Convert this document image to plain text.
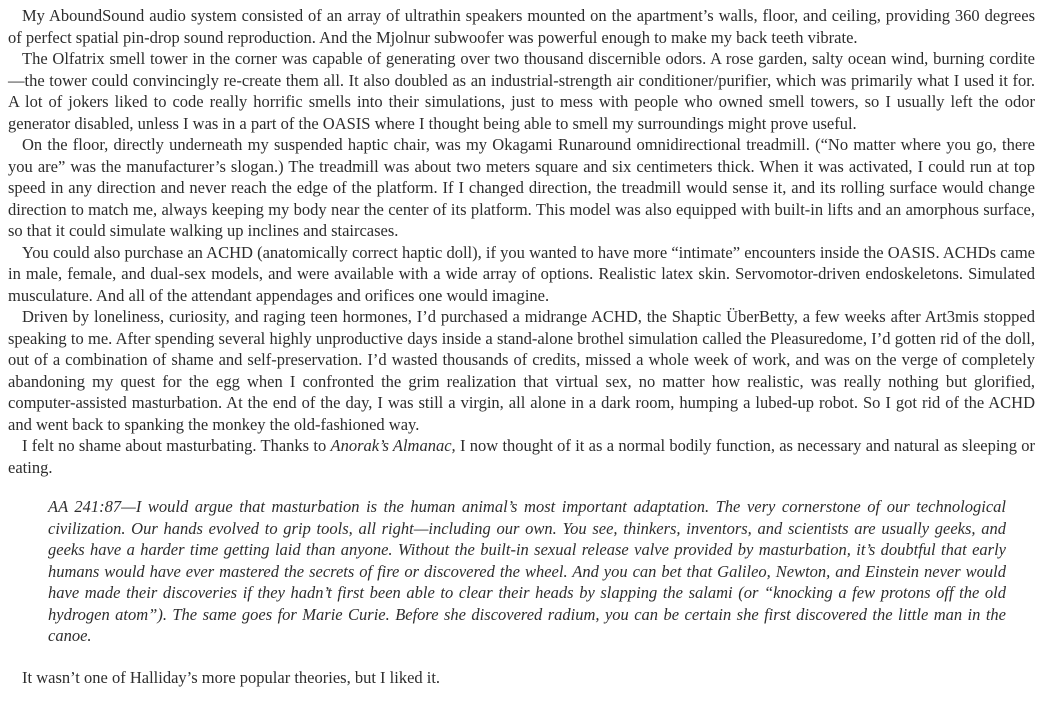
My AboundSound audio system consisted of an array of ultrathin speakers mounted on the apartment’s walls, floor, and ceiling, providing 360 degrees of perfect spatial pin-drop sound reproduction. And the Mjolnur subwoofer was powerful enough to make my back teeth vibrate.

The Olfatrix smell tower in the corner was capable of generating over two thousand discernible odors. A rose garden, salty ocean wind, burning cordite—the tower could convincingly re-create them all. It also doubled as an industrial-strength air conditioner/purifier, which was primarily what I used it for. A lot of jokers liked to code really horrific smells into their simulations, just to mess with people who owned smell towers, so I usually left the odor generator disabled, unless I was in a part of the OASIS where I thought being able to smell my surroundings might prove useful.

On the floor, directly underneath my suspended haptic chair, was my Okagami Runaround omnidirectional treadmill. (“No matter where you go, there you are” was the manufacturer’s slogan.) The treadmill was about two meters square and six centimeters thick. When it was activated, I could run at top speed in any direction and never reach the edge of the platform. If I changed direction, the treadmill would sense it, and its rolling surface would change direction to match me, always keeping my body near the center of its platform. This model was also equipped with built-in lifts and an amorphous surface, so that it could simulate walking up inclines and staircases.

You could also purchase an ACHD (anatomically correct haptic doll), if you wanted to have more “intimate” encounters inside the OASIS. ACHDs came in male, female, and dual-sex models, and were available with a wide array of options. Realistic latex skin. Servomotor-driven endoskeletons. Simulated musculature. And all of the attendant appendages and orifices one would imagine.

Driven by loneliness, curiosity, and raging teen hormones, I’d purchased a midrange ACHD, the Shaptic ÜberBetty, a few weeks after Art3mis stopped speaking to me. After spending several highly unproductive days inside a stand-alone brothel simulation called the Pleasuredome, I’d gotten rid of the doll, out of a combination of shame and self-preservation. I’d wasted thousands of credits, missed a whole week of work, and was on the verge of completely abandoning my quest for the egg when I confronted the grim realization that virtual sex, no matter how realistic, was really nothing but glorified, computer-assisted masturbation. At the end of the day, I was still a virgin, all alone in a dark room, humping a lubed-up robot. So I got rid of the ACHD and went back to spanking the monkey the old-fashioned way.

I felt no shame about masturbating. Thanks to Anorak’s Almanac, I now thought of it as a normal bodily function, as necessary and natural as sleeping or eating.

AA 241:87—I would argue that masturbation is the human animal’s most important adaptation. The very cornerstone of our technological civilization. Our hands evolved to grip tools, all right—including our own. You see, thinkers, inventors, and scientists are usually geeks, and geeks have a harder time getting laid than anyone. Without the built-in sexual release valve provided by masturbation, it’s doubtful that early humans would have ever mastered the secrets of fire or discovered the wheel. And you can bet that Galileo, Newton, and Einstein never would have made their discoveries if they hadn’t first been able to clear their heads by slapping the salami (or “knocking a few protons off the old hydrogen atom”). The same goes for Marie Curie. Before she discovered radium, you can be certain she first discovered the little man in the canoe.

It wasn’t one of Halliday’s more popular theories, but I liked it.
